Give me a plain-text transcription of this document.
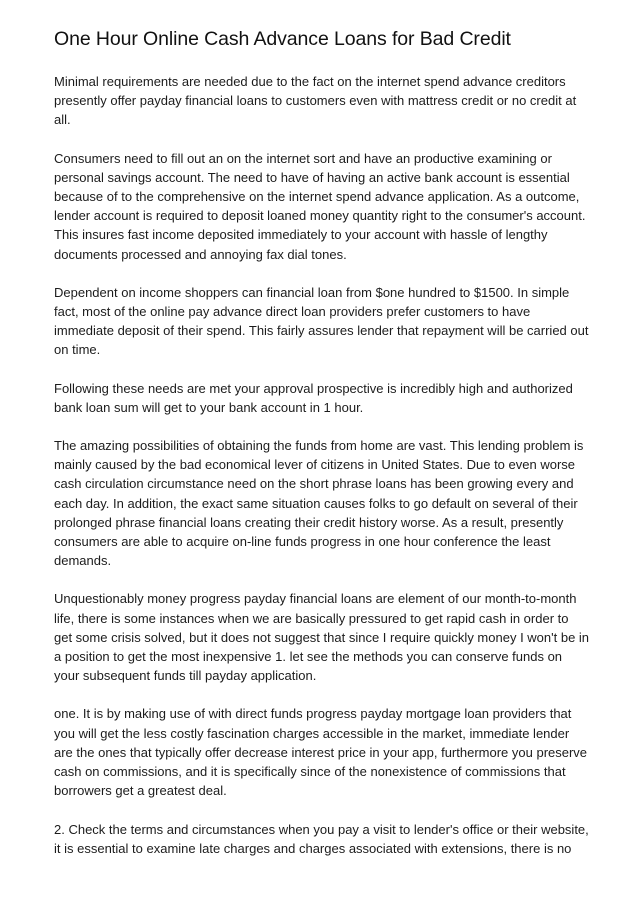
One Hour Online Cash Advance Loans for Bad Credit

Minimal requirements are needed due to the fact on the internet spend advance creditors presently offer payday financial loans to customers even with mattress credit or no credit at all.

Consumers need to fill out an on the internet sort and have an productive examining or personal savings account. The need to have of having an active bank account is essential because of to the comprehensive on the internet spend advance application. As a outcome, lender account is required to deposit loaned money quantity right to the consumer's account. This insures fast income deposited immediately to your account with hassle of lengthy documents processed and annoying fax dial tones.

Dependent on income shoppers can financial loan from $one hundred to $1500. In simple fact, most of the online pay advance direct loan providers prefer customers to have immediate deposit of their spend. This fairly assures lender that repayment will be carried out on time.

Following these needs are met your approval prospective is incredibly high and authorized bank loan sum will get to your bank account in 1 hour.

The amazing possibilities of obtaining the funds from home are vast. This lending problem is mainly caused by the bad economical lever of citizens in United States. Due to even worse cash circulation circumstance need on the short phrase loans has been growing every and each day. In addition, the exact same situation causes folks to go default on several of their prolonged phrase financial loans creating their credit history worse. As a result, presently consumers are able to acquire on-line funds progress in one hour conference the least demands.

Unquestionably money progress payday financial loans are element of our month-to-month life, there is some instances when we are basically pressured to get rapid cash in order to get some crisis solved, but it does not suggest that since I require quickly money I won't be in a position to get the most inexpensive 1. let see the methods you can conserve funds on your subsequent funds till payday application.

one. It is by making use of with direct funds progress payday mortgage loan providers that you will get the less costly fascination charges accessible in the market, immediate lender are the ones that typically offer decrease interest price in your app, furthermore you preserve cash on commissions, and it is specifically since of the nonexistence of commissions that borrowers get a greatest deal.

2. Check the terms and circumstances when you pay a visit to lender's office or their website, it is essential to examine late charges and charges associated with extensions, there is no
